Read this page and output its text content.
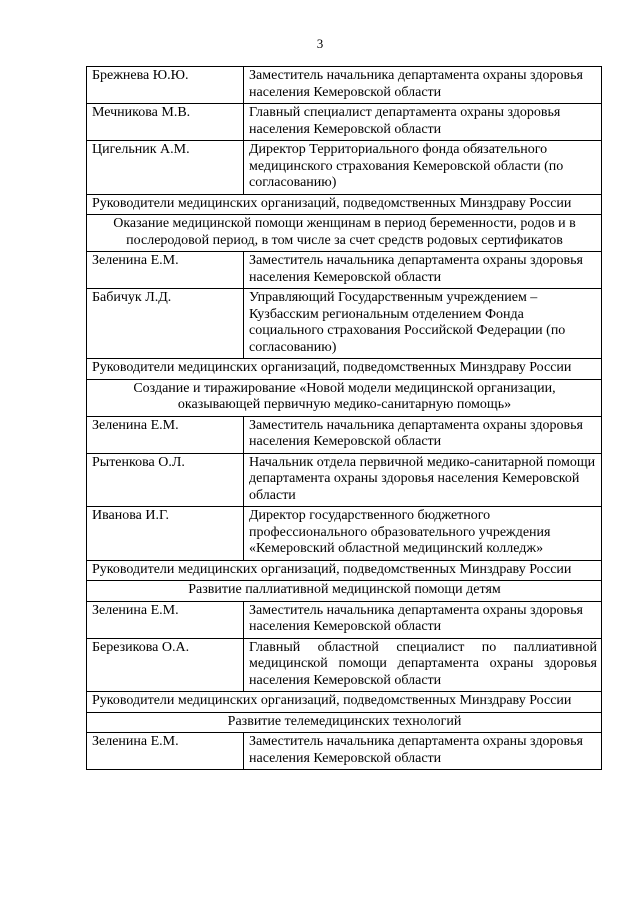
3
Брежнева Ю.Ю.	Заместитель начальника департамента охраны здоровья населения Кемеровской области
Мечникова М.В.	Главный специалист департамента охраны здоровья населения Кемеровской области
Цигельник А.М.	Директор Территориального фонда обязательного медицинского страхования Кемеровской области (по согласованию)
Руководители медицинских организаций, подведомственных Минздраву России	
Оказание медицинской помощи женщинам в период беременности, родов и в послеродовой период, в том числе за счет средств родовых сертификатов	
Зеленина Е.М.	Заместитель начальника департамента охраны здоровья населения Кемеровской области
Бабичук Л.Д.	Управляющий Государственным учреждением – Кузбасским региональным отделением Фонда социального страхования Российской Федерации (по согласованию)
Руководители медицинских организаций, подведомственных Минздраву России	
Создание и тиражирование «Новой модели медицинской организации, оказывающей первичную медико-санитарную помощь»	
Зеленина Е.М.	Заместитель начальника департамента охраны здоровья населения Кемеровской области
Рытенкова О.Л.	Начальник отдела первичной медико-санитарной помощи департамента охраны здоровья населения Кемеровской области
Иванова И.Г.	Директор государственного бюджетного профессионального образовательного учреждения «Кемеровский областной медицинский колледж»
Руководители медицинских организаций, подведомственных Минздраву России	
Развитие паллиативной медицинской помощи детям	
Зеленина Е.М.	Заместитель начальника департамента охраны здоровья населения Кемеровской области
Березикова О.А.	Главный областной специалист по паллиативной медицинской помощи департамента охраны здоровья населения Кемеровской области
Руководители медицинских организаций, подведомственных Минздраву России	
Развитие телемедицинских технологий	
Зеленина Е.М.	Заместитель начальника департамента охраны здоровья населения Кемеровской области
